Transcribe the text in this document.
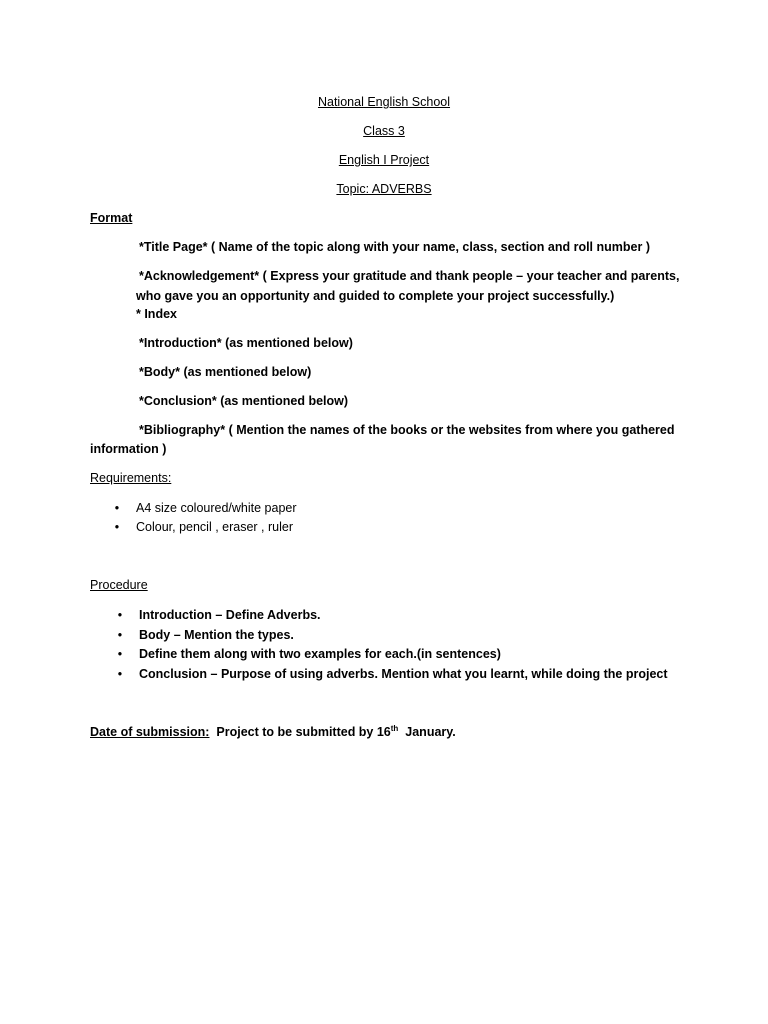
National English School
Class 3
English I Project
Topic: ADVERBS
Format
*Title Page* ( Name of the topic along with your name, class, section and roll number )
*Acknowledgement* ( Express your gratitude and thank people – your teacher and parents,
who gave you an opportunity and guided to complete your project successfully.)
* Index
*Introduction* (as mentioned below)
*Body* (as mentioned below)
*Conclusion* (as mentioned below)
*Bibliography* ( Mention the names of the books or the websites from where you gathered
information )
Requirements:
• A4 size coloured/white paper
• Colour, pencil , eraser , ruler
Procedure
• Introduction – Define Adverbs.
• Body – Mention the types.
• Define them along with two examples for each.(in sentences)
• Conclusion – Purpose of using adverbs. Mention what you learnt, while doing the project
Date of submission: Project to be submitted by 16th January.
